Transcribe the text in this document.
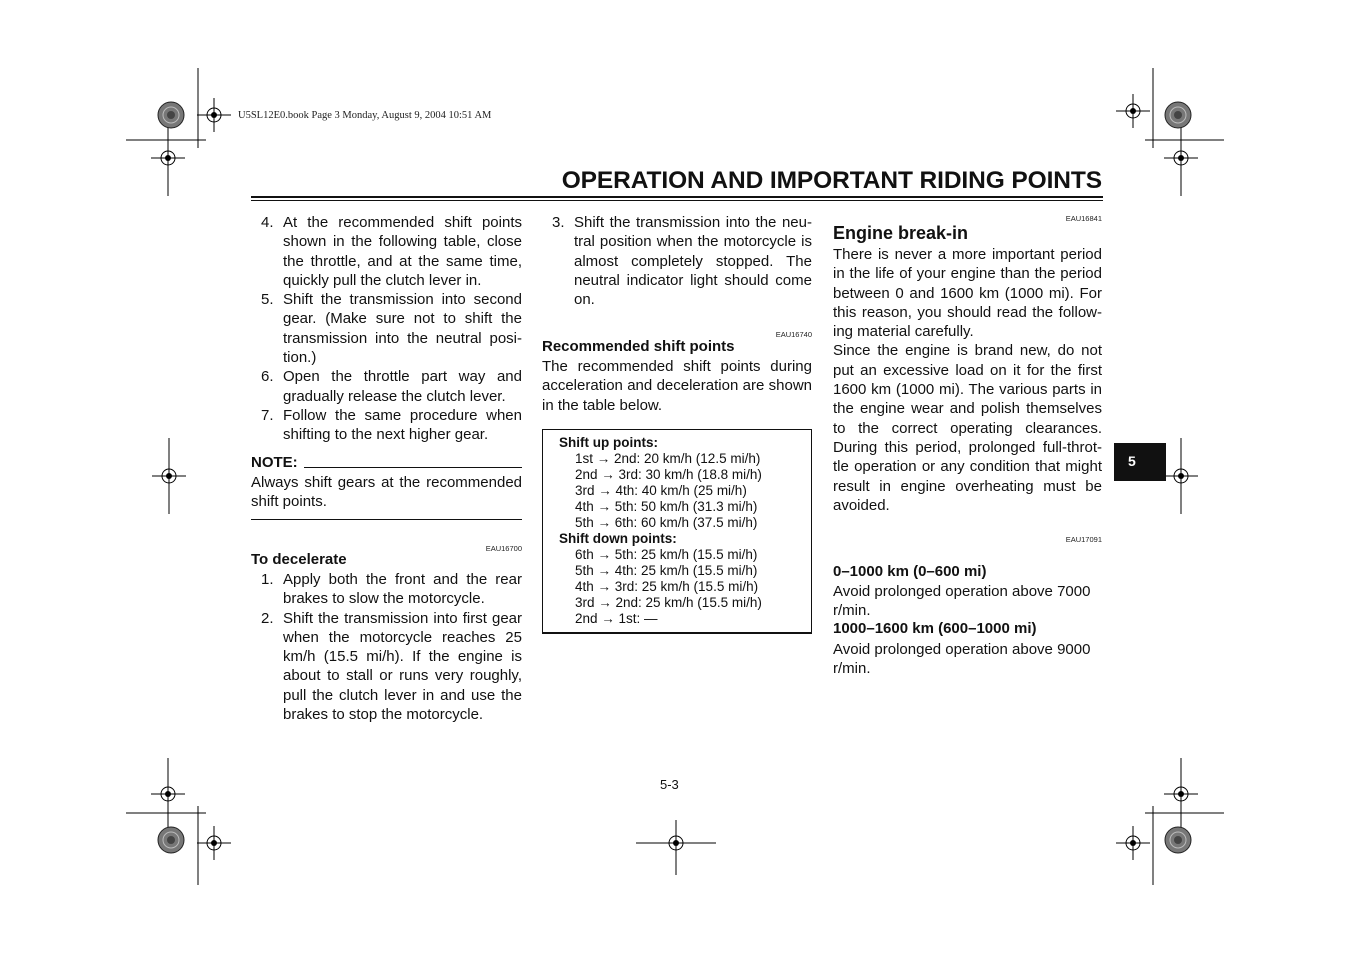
U5SL12E0.book Page 3 Monday, August 9, 2004 10:51 AM
OPERATION AND IMPORTANT RIDING POINTS
4. At the recommended shift points shown in the following table, close the throttle, and at the same time, quickly pull the clutch lever in.
5. Shift the transmission into second gear. (Make sure not to shift the transmission into the neutral posi-tion.)
6. Open the throttle part way and gradually release the clutch lever.
7. Follow the same procedure when shifting to the next higher gear.
NOTE:

Always shift gears at the recommended shift points.

EAU16700
To decelerate
1. Apply both the front and the rear brakes to slow the motorcycle.
2. Shift the transmission into first gear when the motorcycle reaches 25 km/h (15.5 mi/h). If the engine is about to stall or runs very roughly, pull the clutch lever in and use the brakes to stop the motorcycle.
3. Shift the transmission into the neu-tral position when the motorcycle is almost completely stopped. The neutral indicator light should come on.
EAU16740
Recommended shift points

The recommended shift points during acceleration and deceleration are shown in the table below.

Shift up points:
1st → 2nd: 20 km/h (12.5 mi/h)
2nd → 3rd: 30 km/h (18.8 mi/h)
3rd → 4th: 40 km/h (25 mi/h)
4th → 5th: 50 km/h (31.3 mi/h)
5th → 6th: 60 km/h (37.5 mi/h)
Shift down points:
6th → 5th: 25 km/h (15.5 mi/h)
5th → 4th: 25 km/h (15.5 mi/h)
4th → 3rd: 25 km/h (15.5 mi/h)
3rd → 2nd: 25 km/h (15.5 mi/h)
2nd → 1st: —
EAU16841
Engine break-in

There is never a more important period in the life of your engine than the period between 0 and 1600 km (1000 mi). For this reason, you should read the follow-ing material carefully.

Since the engine is brand new, do not put an excessive load on it for the first 1600 km (1000 mi). The various parts in the engine wear and polish themselves to the correct operating clearances. During this period, prolonged full-throt-tle operation or any condition that might result in engine overheating must be avoided.

EAU17091
0–1000 km (0–600 mi)

Avoid prolonged operation above 7000 r/min.

1000–1600 km (600–1000 mi)

Avoid prolonged operation above 9000 r/min.

5
5-3
